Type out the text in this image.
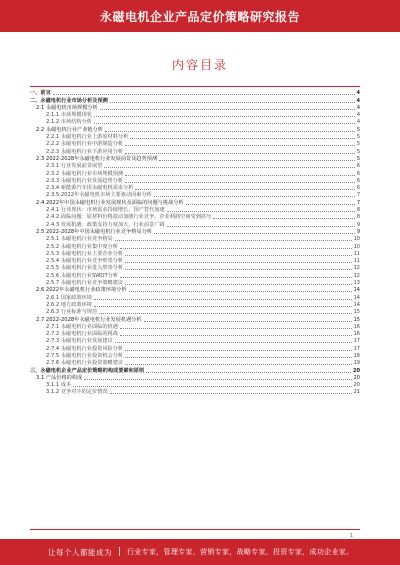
永磁电机企业产品定价策略研究报告
内容目录
一、前言	4
二、永磁电机行业市场分析及预测	4
2.1 永磁电机市场规模分析	4
2.1.1 市场规模现状	4
2.1.2 市场结构分析	4
2.2 永磁电机行业产业链分析	5
2.2.1 永磁电机行业上游原材料分析	5
2.2.2 永磁电机行业中游制造分析	5
2.2.3 永磁电机行业下游应用分析	5
2.3 2022-2028年永磁电机行业发展前景及趋势预测	5
2.3.1 行业发展前景展望	6
2.3.2 永磁电机行业市场规模预测	6
2.3.3 永磁电机行业发展趋势分析	6
2.3.4 新能源汽车用永磁电机需求分析	6
2.3.5 2022年永磁电机市场主要驱动因素分析	7
2.4 2022年中国永磁电机行业发展现状及面临的问题与挑战分析	7
2.4.1 行业现状：市场需求持续增长，国产替代加速	8
2.4.2 面临问题：原材料价格波动加剧行业竞争，企业利润空间受到挤压	8
2.4.3 发展机遇：政策支持力度加大，行业前景广阔	9
2.5 2022-2028年中国永磁电机行业竞争格局分析	9
2.5.1 永磁电机行业竞争格局	10
2.5.2 永磁电机行业集中度分析	10
2.5.3 永磁电机行业主要企业分析	11
2.5.4 永磁电机行业竞争壁垒分析	11
2.5.5 永磁电机行业进入壁垒分析	12
2.5.6 永磁电机行业SWOT分析	12
2.5.7 永磁电机行业竞争策略建议	13
2.6 2022年永磁电机行业政策环境分析	14
2.6.1 国家政策环境	14
2.6.2 地方政策环境	14
2.6.3 行业标准与规范	15
2.7 2022-2028年永磁电机行业发展机遇分析	15
2.7.1 永磁电机行业面临的机遇	16
2.7.2 永磁电机行业面临的挑战	16
2.7.3 永磁电机行业发展建议	17
2.7.4 永磁电机行业投资风险分析	17
2.7.5 永磁电机行业投资机会分析	18
2.7.6 永磁电机行业投资策略建议	19
三、永磁电机企业产品定价策略的构成要素和原则	20
3.1 产品价格的构成	20
3.1.1 成本	20
3.1.2 竞争对手的定价情况	21
1
让每个人都能成为 | 行业专家，管理专家，营销专家，战略专家，投资专家，成功企业家。
